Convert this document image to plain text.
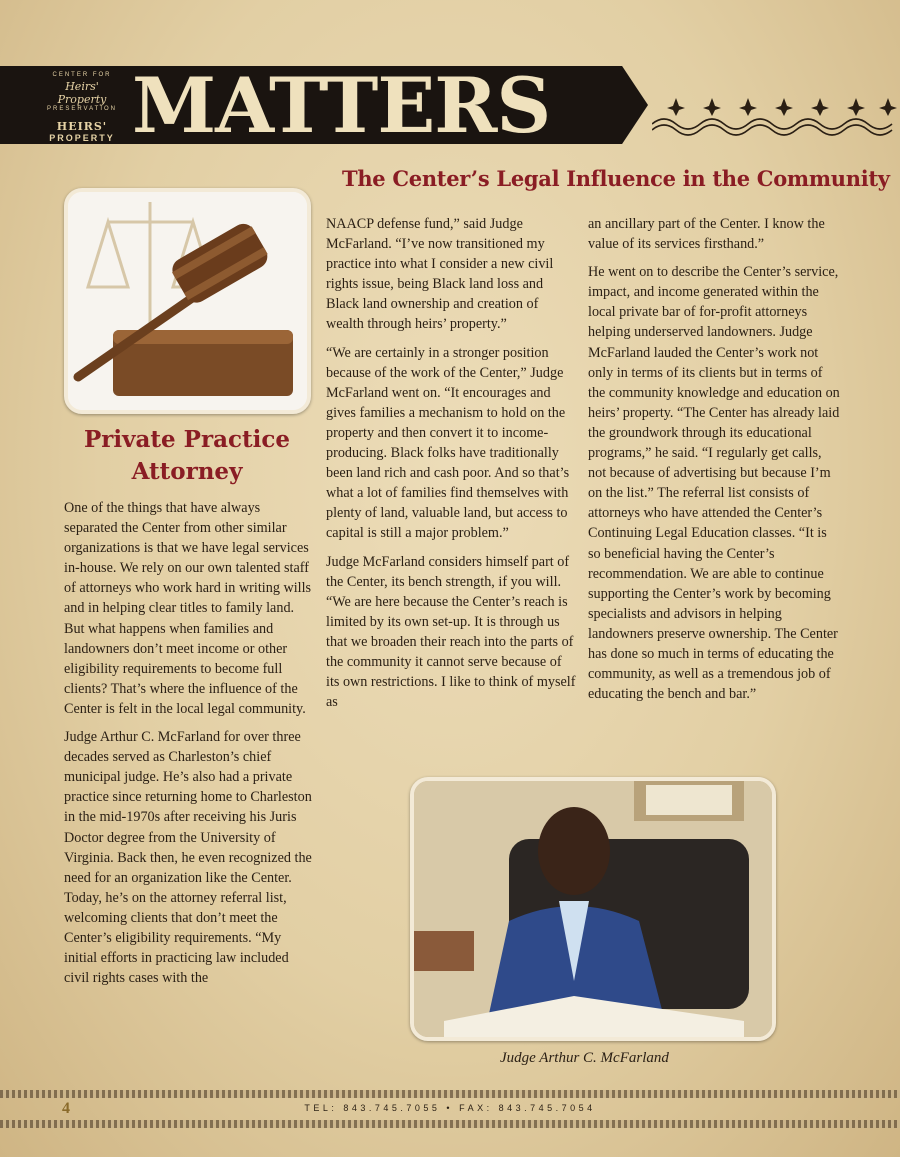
CENTER FOR
Heirs' Property
PRESERVATION
HEIRS'
PROPERTY MATTERS
The Center’s Legal Influence in the Community
Private Practice Attorney

One of the things that have always separated the Center from other similar organizations is that we have legal services in-house. We rely on our own talented staff of attorneys who work hard in writing wills and in helping clear titles to family land. But what happens when families and landowners don’t meet income or other eligibility requirements to become full clients? That’s where the influence of the Center is felt in the local legal community.

Judge Arthur C. McFarland for over three decades served as Charleston’s chief municipal judge. He’s also had a private practice since returning home to Charleston in the mid-1970s after receiving his Juris Doctor degree from the University of Virginia. Back then, he even recognized the need for an organization like the Center. Today, he’s on the attorney referral list, welcoming clients that don’t meet the Center’s eligibility requirements. “My initial efforts in practicing law included civil rights cases with the

NAACP defense fund,” said Judge McFarland. “I’ve now transitioned my practice into what I consider a new civil rights issue, being Black land loss and Black land ownership and creation of wealth through heirs’ property.”

“We are certainly in a stronger position because of the work of the Center,” Judge McFarland went on. “It encourages and gives families a mechanism to hold on the property and then convert it to income-producing. Black folks have traditionally been land rich and cash poor. And so that’s what a lot of families find themselves with plenty of land, valuable land, but access to capital is still a major problem.”

Judge McFarland considers himself part of the Center, its bench strength, if you will. “We are here because the Center’s reach is limited by its own set-up. It is through us that we broaden their reach into the parts of the community it cannot serve because of its own restrictions. I like to think of myself as

an ancillary part of the Center. I know the value of its services firsthand.”

He went on to describe the Center’s service, impact, and income generated within the local private bar of for-profit attorneys helping underserved landowners. Judge McFarland lauded the Center’s work not only in terms of its clients but in terms of the community knowledge and education on heirs’ property. “The Center has already laid the groundwork through its educational programs,” he said. “I regularly get calls, not because of advertising but because I’m on the list.” The referral list consists of attorneys who have attended the Center’s Continuing Legal Education classes. “It is so beneficial having the Center’s recommendation. We are able to continue supporting the Center’s work by becoming specialists and advisors in helping landowners preserve ownership. The Center has done so much in terms of educating the community, as well as a tremendous job of educating the bench and bar.”

Judge Arthur C. McFarland
4	TEL: 843.745.7055 • FAX: 843.745.7054
